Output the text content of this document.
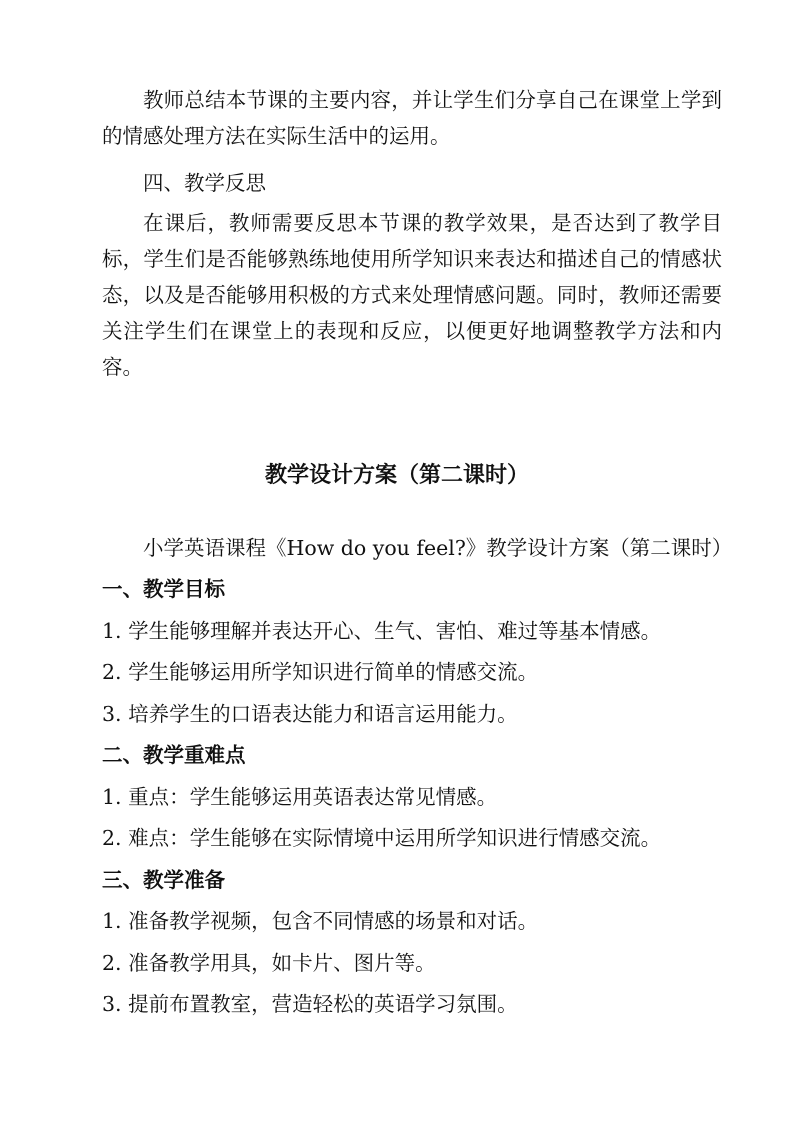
教师总结本节课的主要内容，并让学生们分享自己在课堂上学到的情感处理方法在实际生活中的运用。

四、教学反思

在课后，教师需要反思本节课的教学效果，是否达到了教学目标，学生们是否能够熟练地使用所学知识来表达和描述自己的情感状态，以及是否能够用积极的方式来处理情感问题。同时，教师还需要关注学生们在课堂上的表现和反应，以便更好地调整教学方法和内容。

教学设计方案（第二课时）

小学英语课程《How do you feel?》教学设计方案（第二课时）

一、教学目标

1. 学生能够理解并表达开心、生气、害怕、难过等基本情感。

2. 学生能够运用所学知识进行简单的情感交流。

3. 培养学生的口语表达能力和语言运用能力。

二、教学重难点

1. 重点：学生能够运用英语表达常见情感。

2. 难点：学生能够在实际情境中运用所学知识进行情感交流。

三、教学准备

1. 准备教学视频，包含不同情感的场景和对话。

2. 准备教学用具，如卡片、图片等。

3. 提前布置教室，营造轻松的英语学习氛围。
